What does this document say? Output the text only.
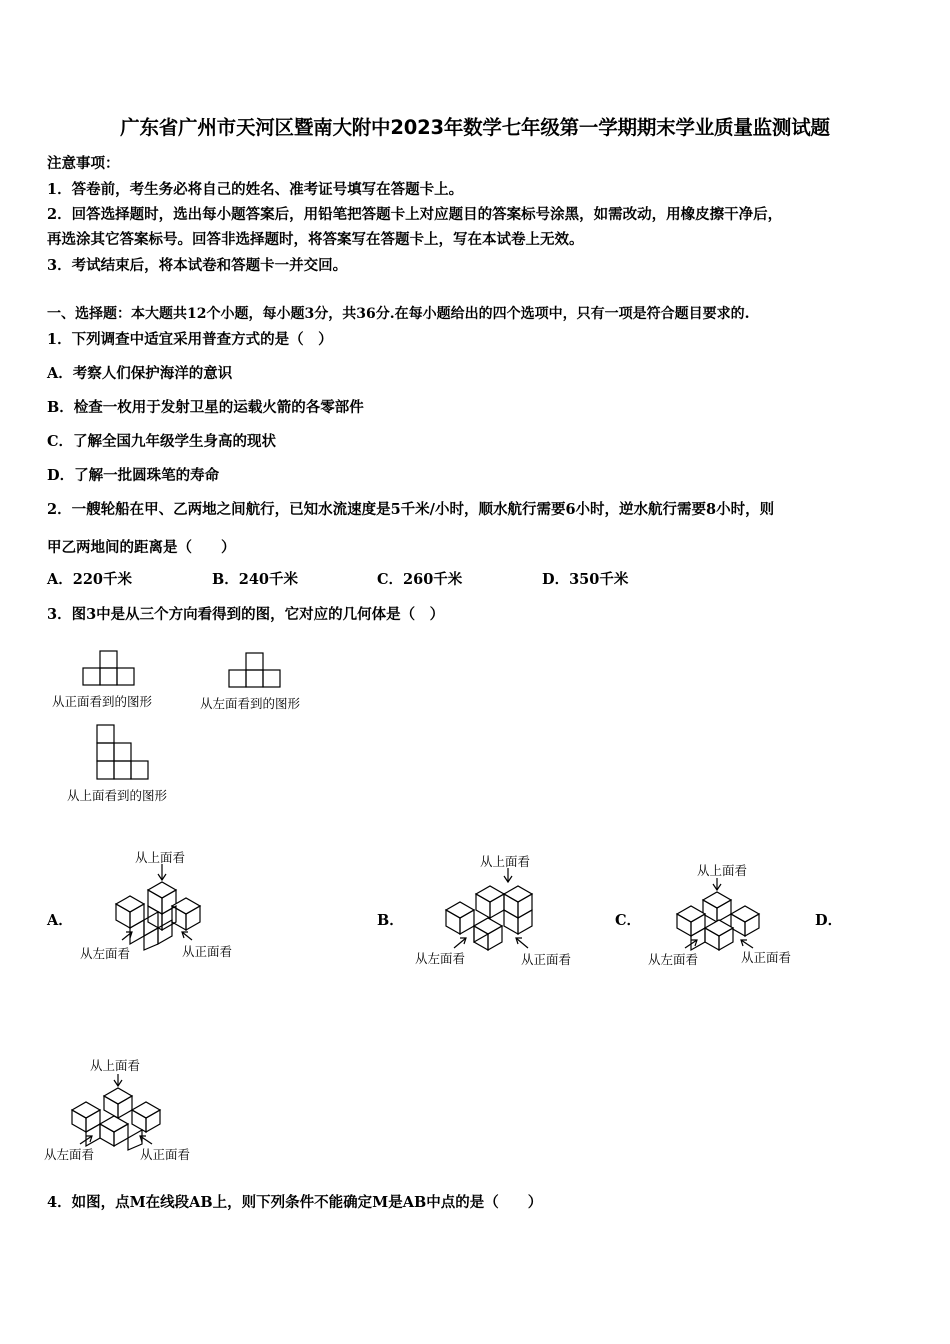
广东省广州市天河区暨南大附中2023年数学七年级第一学期期末学业质量监测试题
注意事项：
1．答卷前，考生务必将自己的姓名、准考证号填写在答题卡上。
2．回答选择题时，选出每小题答案后，用铅笔把答题卡上对应题目的答案标号涂黑，如需改动，用橡皮擦干净后，
再选涂其它答案标号。回答非选择题时，将答案写在答题卡上，写在本试卷上无效。
3．考试结束后，将本试卷和答题卡一并交回。
一、选择题：本大题共12个小题，每小题3分，共36分.在每小题给出的四个选项中，只有一项是符合题目要求的.
1．下列调查中适宜采用普查方式的是（　）
A．考察人们保护海洋的意识
B．检查一枚用于发射卫星的运载火箭的各零部件
C．了解全国九年级学生身高的现状
D．了解一批圆珠笔的寿命
2．一艘轮船在甲、乙两地之间航行，已知水流速度是5千米/小时，顺水航行需要6小时，逆水航行需要8小时，则
甲乙两地间的距离是（　　）
A．220千米	B．240千米	C．260千米	D．350千米
3．图3中是从三个方向看得到的图，它对应的几何体是（　）
从正面看到的图形	从左面看到的图形
从上面看到的图形
A．
从上面看
从左面看	从正面看
B．
从上面看
从左面看	从正面看
C．
从上面看
从左面看	从正面看
D．
从上面看
从左面看	从正面看
4．如图，点M在线段AB上，则下列条件不能确定M是AB中点的是（　　）
